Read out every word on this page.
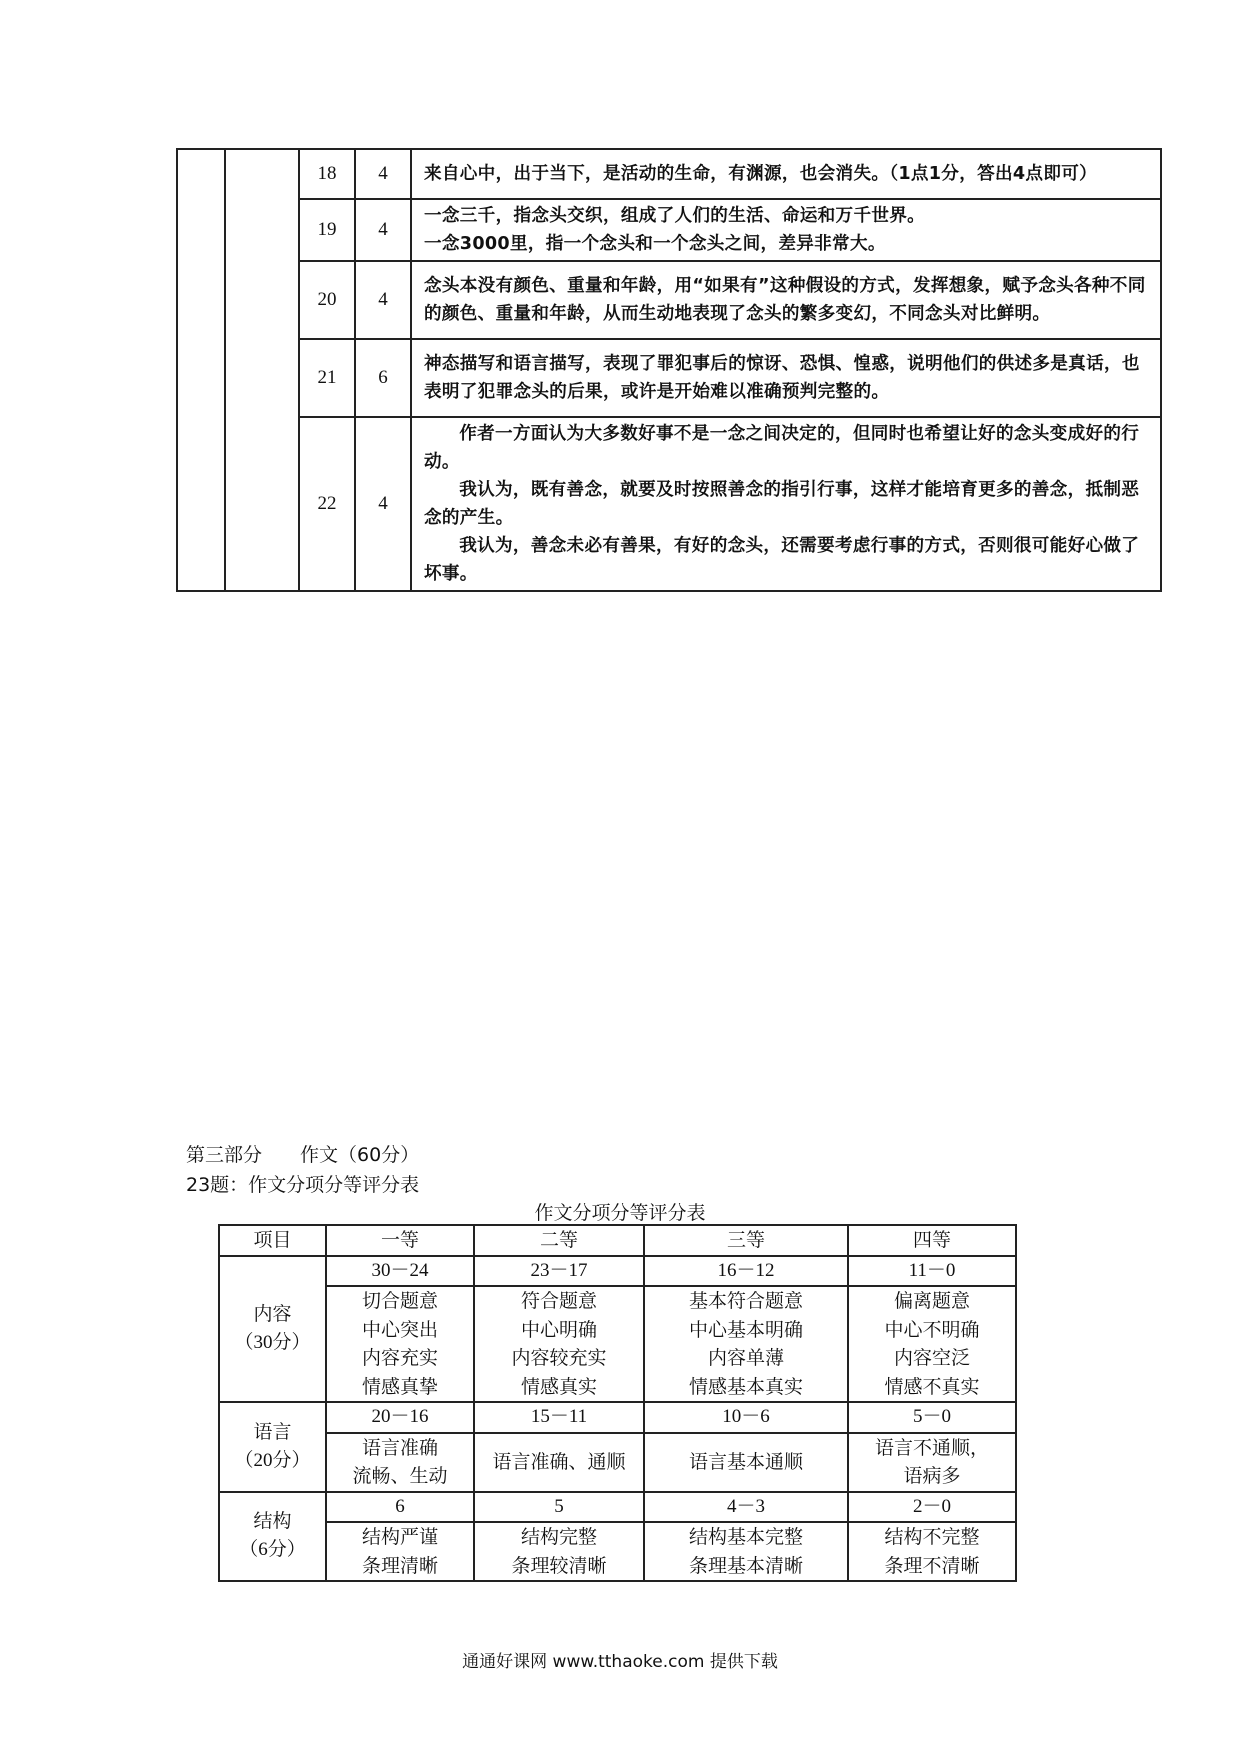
		18	4	来自心中，出于当下，是活动的生命，有渊源，也会消失。（1点1分，答出4点即可）

		19	4	一念三千，指念头交织，组成了人们的生活、命运和万千世界。

一念3000里，指一个念头和一个念头之间，差异非常大。

		20	4	念头本没有颜色、重量和年龄，用“如果有”这种假设的方式，发挥想象，赋予念头各种不同的颜色、重量和年龄，从而生动地表现了念头的繁多变幻，不同念头对比鲜明。

		21	6	神态描写和语言描写，表现了罪犯事后的惊讶、恐惧、惶惑，说明他们的供述多是真话，也表明了犯罪念头的后果，或许是开始难以准确预判完整的。

		22	4	作者一方面认为大多数好事不是一念之间决定的，但同时也希望让好的念头变成好的行动。

我认为，既有善念，就要及时按照善念的指引行事，这样才能培育更多的善念，抵制恶念的产生。

我认为，善念未必有善果，有好的念头，还需要考虑行事的方式，否则很可能好心做了坏事。

第三部分 作文（60分）
23题：作文分项分等评分表
作文分项分等评分表
项目	一等	二等	三等	四等

内容
（30分）	30－24	23－17	16－12	11－0

	切合题意
中心突出
内容充实
情感真挚	符合题意
中心明确
内容较充实
情感真实	基本符合题意
中心基本明确
内容单薄
情感基本真实	偏离题意
中心不明确
内容空泛
情感不真实

语言
（20分）	20－16	15－11	10－6	5－0

	语言准确
流畅、生动	语言准确、通顺	语言基本通顺	语言不通顺，
语病多

结构
（6分）	6	5	4－3	2－0

	结构严谨
条理清晰	结构完整
条理较清晰	结构基本完整
条理基本清晰	结构不完整
条理不清晰
通通好课网 www.tthaoke.com 提供下载
